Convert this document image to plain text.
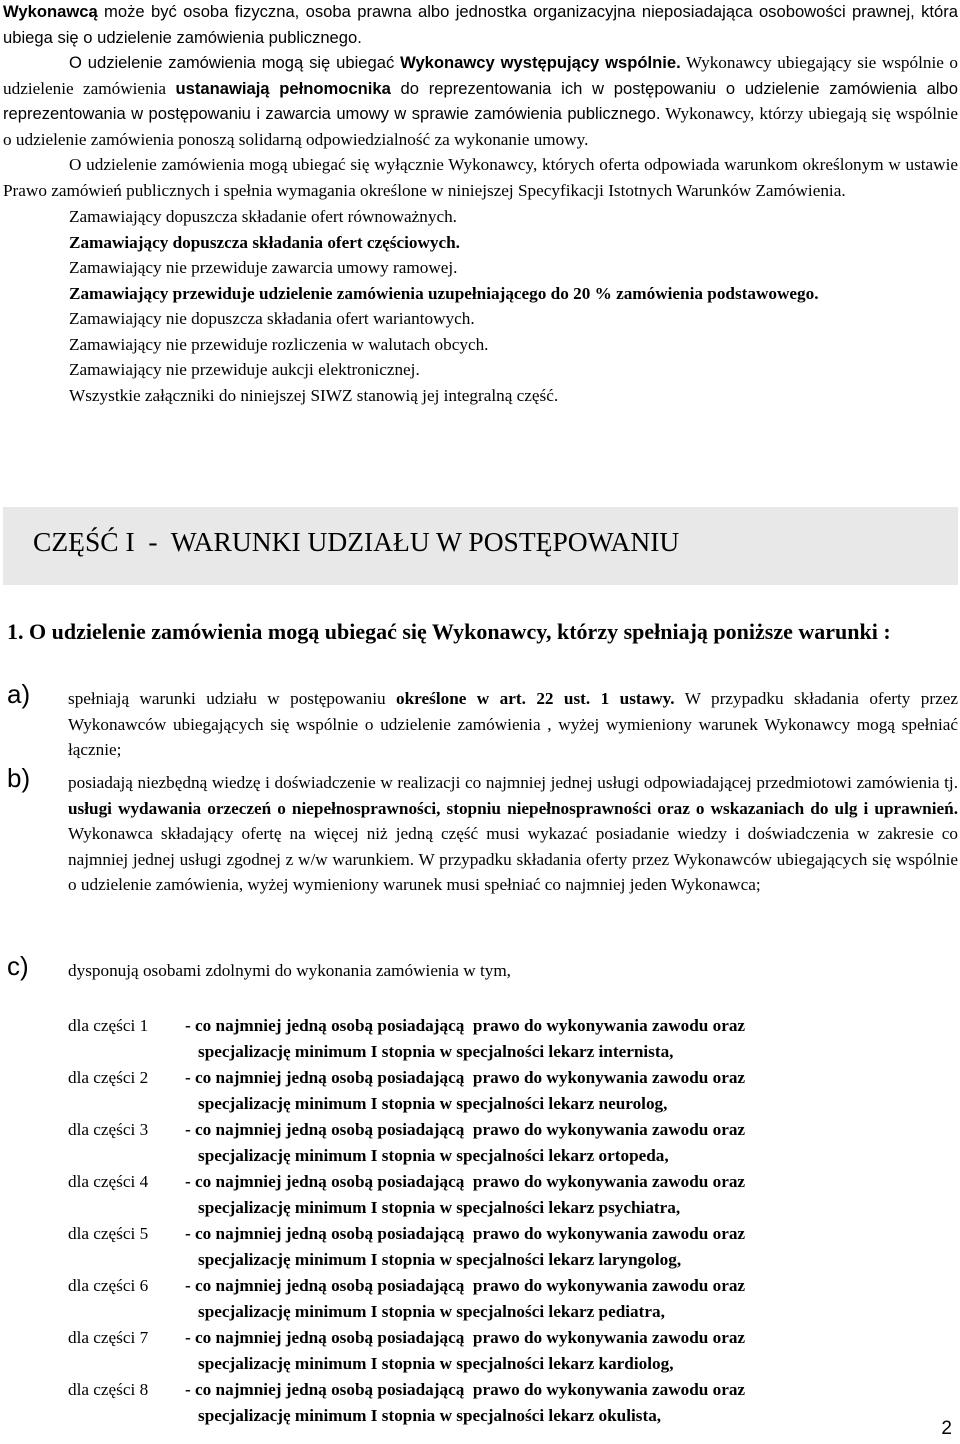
Wykonawcą może być osoba fizyczna, osoba prawna albo jednostka organizacyjna nieposiadająca osobowości prawnej, która ubiega się o udzielenie zamówienia publicznego.

O udzielenie zamówienia mogą się ubiegać Wykonawcy występujący wspólnie. Wykonawcy ubiegający sie wspólnie o udzielenie zamówienia ustanawiają pełnomocnika do reprezentowania ich w postępowaniu o udzielenie zamówienia albo reprezentowania w postępowaniu i zawarcia umowy w sprawie zamówienia publicznego. Wykonawcy, którzy ubiegają się wspólnie o udzielenie zamówienia ponoszą solidarną odpowiedzialność za wykonanie umowy.

O udzielenie zamówienia mogą ubiegać się wyłącznie Wykonawcy, których oferta odpowiada warunkom określonym w ustawie Prawo zamówień publicznych i spełnia wymagania określone w niniejszej Specyfikacji Istotnych Warunków Zamówienia.

Zamawiający dopuszcza składanie ofert równoważnych.

Zamawiający dopuszcza składania ofert częściowych.

Zamawiający nie przewiduje zawarcia umowy ramowej.

Zamawiający przewiduje udzielenie zamówienia uzupełniającego do 20 % zamówienia podstawowego.

Zamawiający nie dopuszcza składania ofert wariantowych.

Zamawiający nie przewiduje rozliczenia w walutach obcych.

Zamawiający nie przewiduje aukcji elektronicznej.

Wszystkie załączniki do niniejszej SIWZ stanowią jej integralną część.

CZĘŚĆ I  -  WARUNKI UDZIAŁU W POSTĘPOWANIU
1. O udzielenie zamówienia mogą ubiegać się Wykonawcy, którzy spełniają poniższe warunki :
a) spełniają warunki udziału w postępowaniu określone w art. 22 ust. 1 ustawy. W przypadku składania oferty przez Wykonawców ubiegających się wspólnie o udzielenie zamówienia , wyżej wymieniony warunek Wykonawcy mogą spełniać łącznie;

b) posiadają niezbędną wiedzę i doświadczenie w realizacji co najmniej jednej usługi odpowiadającej przedmiotowi zamówienia tj. usługi wydawania orzeczeń o niepełnosprawności, stopniu niepełnosprawności oraz o wskazaniach do ulg i uprawnień. Wykonawca składający ofertę na więcej niż jedną część musi wykazać posiadanie wiedzy i doświadczenia w zakresie co najmniej jednej usługi zgodnej z w/w warunkiem. W przypadku składania oferty przez Wykonawców ubiegających się wspólnie o udzielenie zamówienia, wyżej wymieniony warunek musi spełniać co najmniej jeden Wykonawca;

c) dysponują osobami zdolnymi do wykonania zamówienia w tym,

dla części 1 - co najmniej jedną osobą posiadającą  prawo do wykonywania zawodu oraz
specjalizację minimum I stopnia w specjalności lekarz internista,
dla części 2 - co najmniej jedną osobą posiadającą  prawo do wykonywania zawodu oraz
specjalizację minimum I stopnia w specjalności lekarz neurolog,
dla części 3 - co najmniej jedną osobą posiadającą  prawo do wykonywania zawodu oraz
specjalizację minimum I stopnia w specjalności lekarz ortopeda,
dla części 4 - co najmniej jedną osobą posiadającą  prawo do wykonywania zawodu oraz
specjalizację minimum I stopnia w specjalności lekarz psychiatra,
dla części 5 - co najmniej jedną osobą posiadającą  prawo do wykonywania zawodu oraz
specjalizację minimum I stopnia w specjalności lekarz laryngolog,
dla części 6 - co najmniej jedną osobą posiadającą  prawo do wykonywania zawodu oraz
specjalizację minimum I stopnia w specjalności lekarz pediatra,
dla części 7 - co najmniej jedną osobą posiadającą  prawo do wykonywania zawodu oraz
specjalizację minimum I stopnia w specjalności lekarz kardiolog,
dla części 8 - co najmniej jedną osobą posiadającą  prawo do wykonywania zawodu oraz
specjalizację minimum I stopnia w specjalności lekarz okulista,
2
